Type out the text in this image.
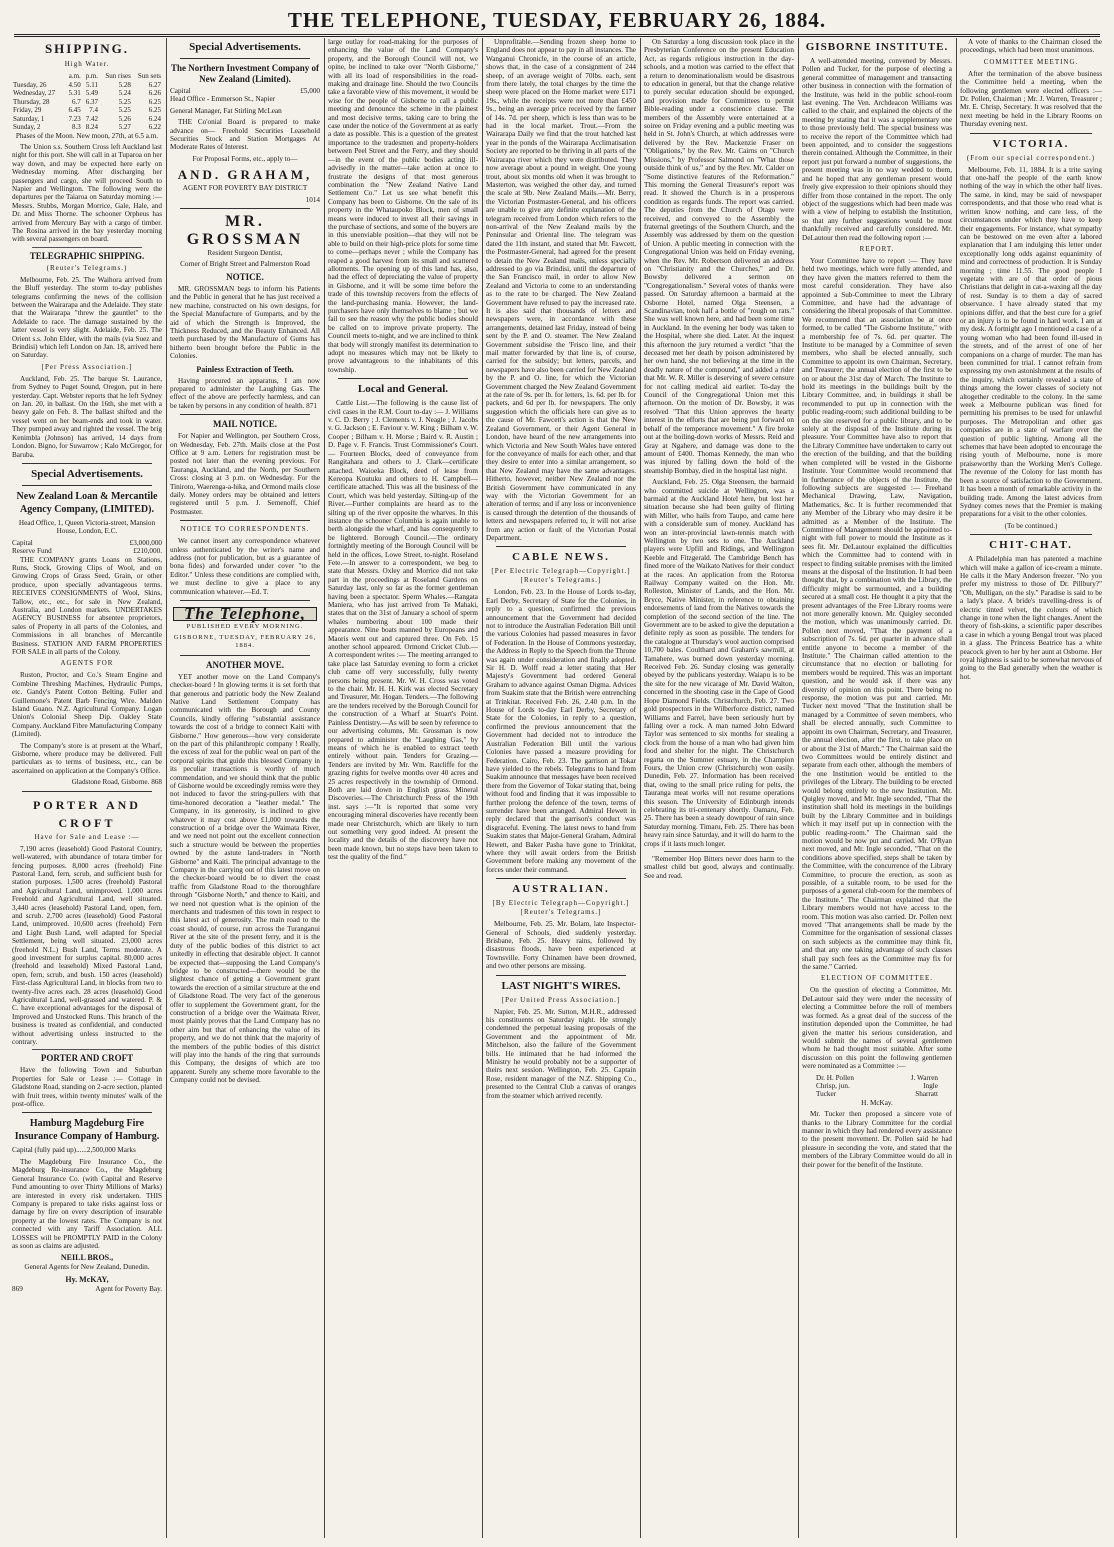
THE TELEPHONE, TUESDAY, FEBRUARY 26, 1884.
SHIPPING.
High Water.
	a.m.	p.m.	Sun rises	Sun sets
Tuesday, 26	4.50	5.11	5.28	6.27
Wednesday, 27	5.31	5.49	5.24	6.26
Thursday, 28	6.7	6.37	5.25	6.25
Friday, 29	6.45	7.4	5.25	6.25
Saturday, 1	7.23	7.42	5.26	6.24
Sunday, 2	8.3	8.24	5.27	6.22

Phases of the Moon. New moon, 27th, at 6.5 a.m.

The Union s.s. Southern Cross left Auckland last night for this port. She will call in at Tuparoa on her way down, and may be expected here early on Wednesday morning. After discharging her passengers and cargo, she will proceed South to Napier and Wellington. The following were the departures per the Taiaroa on Saturday morning :— Messrs. Stubbs, Morgan Morrice, Gale, Hale, and Dr. and Miss Thorne. The schooner Orpheus has arrived from Mercury Bay with a cargo of timber. The Rosina arrived in the bay yesterday morning with several passengers on board.

TELEGRAPHIC SHIPPING.
(Reuter's Telegrams.)

Melbourne, Feb. 25. The Waihora arrived from the Bluff yesterday. The storm to-day publishes telegrams confirming the news of the collision between the Wairarapa and the Adelaide. They state that the Wairarapa "threw the gauntlet" to the Adelaide to race. The damage sustained by the latter vessel is very slight. Adelaide, Feb. 25. The Orient s.s. John Elder, with the mails (via Suez and Brindisi) which left London on Jan. 18, arrived here on Saturday.

[Per Press Association.]

Auckland, Feb. 25. The barque St. Laurance, from Sydney to Puget Sound, Oregon, put in here yesterday. Capt. Webster reports that he left Sydney on Jan. 20, in ballast. On the 16th, she met with a heavy gale on Feb. 8. The ballast shifted and the vessel went on her beam-ends and took in water. They pumped away and righted the vessel. The brig Kenimbla (Johnson) has arrived, 14 days from London. Bigno, for Suwarrow ; Kalo McGregor, for Baruba.

Special Advertisements.
New Zealand Loan & Mercantile Agency Company, (LIMITED).

Head Office, 1, Queen Victoria-street, Mansion House, London, E.C.

Capital	£3,000,000
Reserve Fund	£210,000.

THE COMPANY grants Loans on Stations, Runs, Stock, Growing Clips of Wool, and on Growing Crops of Grass Seed, Grain, or other produce, upon specially advantageous terms. RECEIVES CONSIGNMENTS of Wool, Skins, Tallow, etc., etc., for sale in New Zealand, Australia, and London markets. UNDERTAKES AGENCY BUSINESS for absentee proprietors, sales of Property in all parts of the Colonies, and Commissions in all branches of Mercantile Business. STATION AND FARM PROPERTIES FOR SALE in all parts of the Colony.

AGENTS FOR

Ruston, Proctor, and Co.'s Steam Engine and Combine Threshing Machines, Hydraulic Pumps, etc. Gandy's Patent Cotton Belting. Fuller and Guillemone's Patent Barb Fencing Wire. Malden Island Guano. N.Z. Agricultural Company. Logan Union's Colonial Sheep Dip. Oakley State Company. Auckland Fibre Manufacturing Company (Limited).

The Company's store is at present at the Wharf, Gisborne, where produce may be delivered. Full particulars as to terms of business, etc., can be ascertained on application at the Company's Office.

Gladstone Road, Gisborne. 868

PORTER AND CROFT
Have for Sale and Lease :—

7,190 acres (leasehold) Good Pastoral Country, well-watered, with abundance of totara timber for fencing purposes. 8,000 acres (freehold) Fine Pastoral Land, fern, scrub, and sufficient bush for station purposes. 1,500 acres (freehold) Pastoral and Agricultural Land, unimproved. 1,000 acres Freehold and Agricultural Land, well situated. 3,440 acres (leasehold) Pastoral Land, open, fern, and scrub. 2,700 acres (leasehold) Good Pastoral Land, unimproved. 10,600 acres (freehold) Fern and Light Bush Land, well adapted for Special Settlement, being well situated. 23,000 acres (freehold N.L.) Bush Land, Terms moderate. A good investment for surplus capital. 80,000 acres (freehold and leasehold) Mixed Pastoral Land, open, fern, scrub, and bush. 150 acres (leasehold) First-class Agricultural Land, in blocks from two to twenty-five acres each. 28 acres (leasehold) Good Agricultural Land, well-grassed and watered. P. & C. have exceptional advantages for the disposal of Improved and Unstocked Runs. This branch of the business is treated as confidential, and conducted without advertising unless instructed to the contrary.

PORTER AND CROFT

Have the following Town and Suburban Properties for Sale or Lease :— Cottage in Gladstone Road, standing on 2-acre section, planted with fruit trees, within twenty minutes' walk of the post-office.

Hamburg Magdeburg Fire Insurance Company of Hamburg.

Capital (fully paid up)......2,500,000 Marks

The Magdeburg Fire Insurance Co., the Magdeburg Re-insurance Co., the Magdeburg General Insurance Co. (with Capital and Reserve Fund amounting to over Thirty Millions of Marks) are interested in every risk undertaken. THIS Company is prepared to take risks against loss or damage by fire on every description of insurable property at the lowest rates. The Company is not connected with any Tariff Association. ALL LOSSES will be PROMPTLY PAID in the Colony as soon as claims are adjusted.

NEILL BROS.,

General Agents for New Zealand, Dunedin.

Hy. McKAY,
869	Agent for Poverty Bay.
Special Advertisements.
The Northern Investment Company of New Zealand (Limited).
Capital	£5,000

Head Office - Emmerson St., Napier

General Manager, Fat Stirling McLean

THE Co'onial Board is prepared to make advance on— Freehold Securities Leasehold Securities Stock and Station Mortgages At Moderate Rates of Interest.

For Proposal Forms, etc., apply to—

AND. GRAHAM,

AGENT FOR POVERTY BAY DISTRICT

1014

MR. GROSSMAN

Resident Surgeon Dentist,

Corner of Bright Street and Palmerston Road

NOTICE.

MR. GROSSMAN begs to inform his Patients and the Public in general that he has just received a new machine, constructed on his own designs, for the Special Manufacture of Gumparts, and by the aid of which the Strength is Improved, the Thickness Reduced, and the Beauty Enhanced. All teeth purchased by the Manufacture of Gums has hitherto been brought before the Public in the Colonies.

Painless Extraction of Teeth.

Having procured an apparatus, I am now prepared to administer the Laughing Gas. The effect of the above are perfectly harmless, and can be taken by persons in any condition of health. 871

MAIL NOTICE.

For Napier and Wellington, per Southern Cross, on Wednesday, Feb. 27th. Mails close at the Post Office at 9 a.m. Letters for registration must be posted not later than the evening previous. For Tauranga, Auckland, and the North, per Southern Cross: closing at 3 p.m. on Wednesday. For the Tiniroto, Waerenga-a-hika, and Ormond mails close daily. Money orders may be obtained and letters registered until 5 p.m. J. Semenoff, Chief Postmaster.

NOTICE TO CORRESPONDENTS.

We cannot insert any correspondence whatever unless authenticated by the writer's name and address (not for publication, but as a guarantee of bona fides) and forwarded under cover "to the Editor." Unless these conditions are complied with, we must decline to give a place to any communication whatever.—Ed. T.

The Telephone,
PUBLISHED EVERY MORNING.
GISBORNE, TUESDAY, FEBRUARY 26, 1884.
ANOTHER MOVE.

YET another move on the Land Company's checker-board ! In glowing terms it is set forth that that generous and patriotic body the New Zealand Native Land Settlement Company has communicated with the Borough and County Councils, kindly offering "substantial assistance towards the cost of a bridge to connect Kaiti with Gisborne." How generous—how very considerate on the part of this philanthropic company ! Really, the excess of zeal for the public weal on part of the corporal spirits that guide this blessed Company in its peculiar transactions is worthy of much commendation, and we should think that the public of Gisborne would be exceedingly remiss were they not induced to favor the string-pullers with that time-honored decoration a "leather medal." The Company, in its generosity, is inclined to give whatever it may cost above £1,000 towards the construction of a bridge over the Waimata River, and we need not point out the excellent connection such a structure would be between the properties owned by the astute land-traders in "North Gisborne" and Kaiti. The principal advantage to the Company in the carrying out of this latest move on the checker-board would be to divert the coast traffic from Gladstone Road to the thoroughfare through "Gisborne North," and thence to Kaiti, and we need not question what is the opinion of the merchants and tradesmen of this town in respect to this latest act of generosity. The main road to the coast should, of course, run across the Turanganui River at the site of the present ferry, and it is the duty of the public bodies of this district to act unitedly in effecting that desirable object. It cannot be expected that—supposing the Land Company's bridge to be constructed—there would be the slightest chance of getting a Government grant towards the erection of a similar structure at the end of Gladstone Road. The very fact of the generous offer to supplement the Government grant, for the construction of a bridge over the Waimata River, most plainly proves that the Land Company has no other aim but that of enhancing the value of its property, and we do not think that the majority of the members of the public bodies of this district will play into the hands of the ring that surrounds this Company, the designs of which are too apparent. Surely any scheme more favorable to the Company could not be devised.

large outlay for road-making for the purposes of enhancing the value of the Land Company's property, and the Borough Council will not, we opine, be inclined to take over "North Gisborne," with all its load of responsibilities in the road-making and drainage line. Should the two Councils take a favorable view of this movement, it would be wise for the people of Gisborne to call a public meeting and denounce the scheme in the plainest and most decisive terms, taking care to bring the case under the notice of the Government at as early a date as possible. This is a question of the greatest importance to the tradesmen and property-holders between Peel Street and the Ferry, and they should—in the event of the public bodies acting ill-advisedly in the matter—take action at once to frustrate the designs of that most generous combination the "New Zealand Native Land Settlement Co." Let us see what benefit this Company has been to Gisborne. On the sale of its property in the Whataupoko Block, men of small means were induced to invest all their savings in the purchase of sections, and some of the buyers are in this unenviable position—that they will not be able to build on their high-price plots for some time to come—perhaps never ; while the Company has reaped a good harvest from its small and scattered allotments. The opening up of this land has, also, had the effect of depreciating the value of property in Gisborne, and it will be some time before the trade of this township recovers from the effects of the land-purchasing mania. However, the land-purchasers have only themselves to blame ; but we fail to see the reason why the public bodies should be called on to improve private property. The Council meets to-night, and we are inclined to think that body will strongly manifest its determination to adopt no measures which may not be likely to prove advantageous to the inhabitants of this township.

Local and General.

Cattle List.—The following is the cause list of civil cases in the R.M. Court to-day :— J. Williams v. C. D. Berry ; J. Clements v. J. Neagle ; J. Jacobs v. G. Jackson ; E. Faviour v. W. King ; Bilham v. W. Cooper ; Bilham v. H. Morse ; Baird v. R. Austin ; D. Page v. F. Francis. Trust Commissioner's Court. — Fourteen Blocks, deed of conveyance from Rangitahara and others to J. Clark—certificate attached. Waioeka Block, deed of lease from Kereopa Koutuku and others to H. Campbell—certificate attached. This was all the business of the Court, which was held yesterday. Silting-up of the River.—Further complaints are heard as to the silting up of the river opposite the wharves. In this instance the schooner Columbia is again unable to berth alongside the wharf, and has consequently to be lightered. Borough Council.—The ordinary fortnightly meeting of the Borough Council will be held in the offices, Lowe Street, to-night. Roseland Fete.—In answer to a correspondent, we beg to state that Messrs. Oxley and Morrice did not take part in the proceedings at Roseland Gardens on Saturday last, only so far as the former gentleman having been a spectator. Sperm Whales.—Rangata Maniera, who has just arrived from Te Mahaki, states that on the 31st of January a school of sperm whales numbering about 100 made their appearance. Nine boats manned by Europeans and Maoris went out and captured three. On Feb. 15 another school appeared. Ormond Cricket Club.—A correspondent writes :— The meeting arranged to take place last Saturday evening to form a cricket club came off very successfully, fully twenty persons being present. Mr. W. H. Cross was voted to the chair. Mr. H. H. Kirk was elected Secretary and Treasurer, Mr. Hogan. Tenders.—The following are the tenders received by the Borough Council for the construction of a Wharf at Stuart's Point. Painless Dentistry.—As will be seen by reference to our advertising columns, Mr. Grossman is now prepared to administer the "Laughing Gas," by means of which he is enabled to extract teeth entirely without pain. Tenders for Grazing.—Tenders are invited by Mr. Wm. Ratcliffe for the grazing rights for twelve months over 40 acres and 25 acres respectively in the township of Ormond. Both are laid down in English grass. Mineral Discoveries.—The Christchurch Press of the 19th inst. says :—"It is reported that some very encouraging mineral discoveries have recently been made near Christchurch, which are likely to turn out something very good indeed. At present the locality and the details of the discovery have not been made known, but no steps have been taken to test the quality of the find."

Unprofitable.—Sending frozen sheep home to England does not appear to pay in all instances. The Wanganui Chronicle, in the course of an article, shows that, in the case of a consignment of 244 sheep, of an average weight of 70lbs. each, sent from there lately, the total charges by the time the sheep were placed on the Home market were £171 19s., while the receipts were not more than £450 9s., being an average price received by the farmer of 14s. 7d. per sheep, which is less than was to be had in the local market. Trout.—From the Wairarapa Daily we find that the trout hatched last year in the ponds of the Wairarapa Acclimatisation Society are reported to be thriving in all parts of the Wairarapa river which they were distributed. They now average about a pound in weight. One young trout, about six months old when it was brought to Masterton, was weighed the other day, and turned the scale at 9lb. New Zealand Mails.—Mr. Berry, the Victorian Postmaster-General, and his officers are unable to give any definite explanation of the telegram received from London which refers to the non-arrival of the New Zealand mails by the Peninsular and Oriental line. The telegram was dated the 11th instant, and stated that Mr. Fawcett, the Postmaster-General, had agreed for the present to detain the New Zealand mails, unless specially addressed to go via Brindisi, until the departure of the San Francisco mail, in order to allow New Zealand and Victoria to come to an understanding as to the rate to be charged. The New Zealand Government have refused to pay the increased rate. It is also said that thousands of letters and newspapers were, in accordance with these arrangements, detained last Friday, instead of being sent by the P. and O. steamer. The New Zealand Government subsidise the 'Frisco line, and their mail matter forwarded by that line is, of course, carried for the subsidy; but letters, parcels, and newspapers have also been carried for New Zealand by the P. and O. line, for which the Victorian Government charged the New Zealand Government at the rate of 9s. per lb. for letters, 1s. 6d. per lb. for packets, and 6d per lb. for newspapers. The only suggestion which the officials here can give as to the cause of Mr. Fawcett's action is that the New Zealand Government, or their Agent General in London, have heard of the new arrangements into which Victoria and New South Wales have entered for the conveyance of mails for each other, and that they desire to enter into a similar arrangement, so that New Zealand may have the same advantages. Hitherto, however, neither New Zealand nor the British Government have communicated in any way with the Victorian Government for an alteration of terms; and if any loss or inconvenience is caused through the detention of the thousands of letters and newspapers referred to, it will not arise from any action or fault of the Victorian Postal Department.

CABLE NEWS.
[Per Electric Telegraph—Copyright.] [Reuter's Telegrams.]

London, Feb. 23. In the House of Lords to-day, Earl Derby, Secretary of State for the Colonies, in reply to a question, confirmed the previous announcement that the Government had decided not to introduce the Australian Federation Bill until the various Colonies had passed measures in favor of Federation. In the House of Commons yesterday, the Address in Reply to the Speech from the Throne was again under consideration and finally adopted. Sir H. D. Wolff read a letter stating that Her Majesty's Government had ordered General Graham to advance against Osman Digma. Advices from Suakim state that the British were entrenching at Trinkitat. Received Feb. 26, 2.40 p.m. In the House of Lords to-day Earl Derby, Secretary of State for the Colonies, in reply to a question, confirmed the previous announcement that the Government had decided not to introduce the Australian Federation Bill until the various Colonies have passed a measure providing for Federation. Cairo, Feb. 23. The garrison at Tokar have yielded to the rebels. Telegrams to hand from Suakim announce that messages have been received there from the Governor of Tokar stating that, being without food and finding that it was impossible to further prolong the defence of the town, terms of surrender have been arranged. Admiral Hewett in reply declared that the garrison's conduct was disgraceful. Evening. The latest news to hand from Suakim states that Major-General Graham, Admiral Hewett, and Baker Pasha have gone to Trinkitat, where they will await orders from the British Government before making any movement of the forces under their command.

AUSTRALIAN.
[By Electric Telegraph—Copyright.] [Reuter's Telegrams.]

Melbourne, Feb. 25. Mr. Bolam, late Inspector-General of Schools, died suddenly yesterday. Brisbane, Feb. 25. Heavy rains, followed by disastrous floods, have been experienced at Townsville. Forty Chinamen have been drowned, and two other persons are missing.

LAST NIGHT'S WIRES.
[Per United Press Association.]

Napier, Feb. 25. Mr. Sutton, M.H.R., addressed his constituents on Saturday night. He strongly condemned the perpetual leasing proposals of the Government and the appointment of Mr. Mitchelson, also the failure of the Government bills. He intimated that he had informed the Ministry he would probably not be a supporter of theirs next session. Wellington, Feb. 25. Captain Rose, resident manager of the N.Z. Shipping Co., presented to the Central Club a canvas of oranges from the steamer which arrived recently.

On Saturday a long discussion took place in the Presbyterian Conference on the present Education Act, as regards religious instruction in the day-schools, and a motion was carried to the effect that a return to denominationalism would be disastrous to education in general, but that the change relative to purely secular education should be expunged, and provision made for Committees to permit Bible-reading under a conscience clause. The members of the Assembly were entertained at a soiree on Friday evening and a public meeting was held in St. John's Church, at which addresses were delivered by the Rev. Mackenzie Fraser on "Obligations," by the Rev. Mr. Cairns on "Church Missions," by Professor Salmond on "What those outside think of us," and by the Rev. Mr. Calder on "Some distinctive features of the Reformation." This morning the General Treasurer's report was read. It showed the Church is in a prosperous condition as regards funds. The report was carried. The deputies from the Church of Otago were received, and conveyed to the Assembly the fraternal greetings of the Southern Church, and the Assembly was addressed by them on the question of Union. A public meeting in connection with the Congregational Union was held on Friday evening, when the Rev. Mr. Robertson delivered an address on "Christianity and the Churches," and Dr. Bowsby delivered a sermon on "Congregationalism." Several votes of thanks were passed. On Saturday afternoon a barmaid at the Osborne Hotel, named Olga Steensen, a Scandinavian, took half a bottle of "rough on rats." She was well known here, and had been some time in Auckland. In the evening her body was taken to the Hospital, where she died. Later. At the inquest this afternoon the jury returned a verdict "that the deceased met her death by poison administered by her own hand, she not believing at the time in the deadly nature of the compound," and added a rider that Mr. W. R. Miller is deserving of severe censure for not calling medical aid earlier. To-day the Council of the Congregational Union met this afternoon. On the motion of Dr. Bowsby, it was resolved "That this Union approves the hearty interest in the efforts that are being put forward on behalf of the temperance movement." A fire broke out at the boiling-down works of Messrs. Reid and Gray at Ngahere, and damage was done to the amount of £400. Thomas Kennedy, the man who was injured by falling down the hold of the steamship Bombay, died in the hospital last night.

Auckland, Feb. 25. Olga Steensen, the barmaid who committed suicide at Wellington, was a barmaid at the Auckland Hotel here, but lost her situation because she had been guilty of flirting with Miller, who hails from Taupo, and came here with a considerable sum of money. Auckland has won an inter-provincial lawn-tennis match with Wellington by two sets to one. The Auckland players were Upfill and Ridings, and Wellington Keeble and Fitzgerald. The Cambridge Bench has fined more of the Waikato Natives for their conduct at the races. An application from the Rotorua Railway Company waited on the Hon. Mr. Rolleston, Minister of Lands, and the Hon. Mr. Bryce, Native Minister, in reference to obtaining endorsements of land from the Natives towards the completion of the second section of the line. The Government are to be asked to give the deputation a definite reply as soon as possible. The tenders for the catalogue at Thursday's wool auction comprised 10,700 bales. Coulthard and Graham's sawmill, at Tamahere, was burned down yesterday morning. Received Feb. 26. Sunday closing was generally obeyed by the publicans yesterday. Waiapu is to be the site for the new vicarage of Mr. David Walton, concerned in the shooting case in the Cape of Good Hope Diamond Fields. Christchurch, Feb. 27. Two gold prospectors in the Wilberforce district, named Williams and Farrel, have been seriously hurt by falling over a rock. A man named John Edward Taylor was sentenced to six months for stealing a clock from the house of a man who had given him food and shelter for the night. The Christchurch regatta on the Summer estuary, in the Champion Fours, the Union crew (Christchurch) won easily. Dunedin, Feb. 27. Information has been received that, owing to the small price ruling for pelts, the Tauranga meat works will not resume operations this season. The University of Edinburgh intends celebrating its tri-centenary shortly. Oamaru, Feb. 25. There has been a steady downpour of rain since Saturday morning. Timaru, Feb. 25. There has been heavy rain since Saturday, and it will do harm to the crops if it lasts much longer.

"Remember Hop Bitters never does harm to the smallest child but good, always and continually. See and read.

GISBORNE INSTITUTE.

A well-attended meeting, convened by Messrs. Pollen and Tucker, for the purpose of electing a general committee of management and transacting other business in connection with the formation of the Institute, was held in the public school-room last evening. The Ven. Archdeacon Williams was called to the chair, and explained the objects of the meeting by stating that it was a supplementary one to those previously held. The special business was to receive the report of the Committee which had been appointed, and to consider the suggestions therein contained. Although the Committee, in their report just put forward a number of suggestions, the present meeting was in no way wedded to them, and he hoped that any gentleman present would freely give expression to their opinions should they differ from those contained in the report. The only object of the suggestions which had been made was with a view of helping to establish the Institution, so that any further suggestions would be most thankfully received and carefully considered. Mr. DeLautour then read the following report :—

REPORT.

Your Committee have to report :— They have held two meetings, which were fully attended, and they have given the matters referred to them the most careful consideration. They have also appointed a Sub-Committee to meet the Library Committee, and have had the advantage of considering the liberal proposals of that Committee. We recommend that an association be at once formed, to be called "The Gisborne Institute," with a membership fee of 7s. 6d. per quarter. The Institute to be managed by a Committee of seven members, who shall be elected annually, such Committee to appoint its own Chairman, Secretary, and Treasurer; the annual election of the first to be on or about the 31st day of March. The Institute to hold its meetings in the buildings built by the Library Committee, and, in buildings it shall be recommended to put up in connection with the public reading-room; such additional building to be on the site reserved for a public library, and to be solely at the disposal of the Institute during its pleasure. Your Committee have also to report that the Library Committee have undertaken to carry out the erection of the building, and that the building when completed will be vested in the Gisborne Institute. Your Committee would recommend that in furtherance of the objects of the Institute, the following subjects are suggested :— Freehand Mechanical Drawing, Law, Navigation, Mathematics, &c. It is further recommended that any Member of the Library who may desire it be admitted as a Member of the Institute. The Committee of Management should be appointed to-night with full power to mould the Institute as it sees fit. Mr. DeLautour explained the difficulties which the Committee had to contend with in respect to finding suitable premises with the limited means at the disposal of the Institution. It had been thought that, by a combination with the Library, the difficulty might be surmounted, and a building secured at a small cost. He thought it a pity that the present advantages of the Free Library rooms were not more generally known. Mr. Quigley seconded the motion, which was unanimously carried. Dr. Pollen next moved, "That the payment of a subscription of 7s. 6d. per quarter in advance shall entitle anyone to become a member of the Institute." The Chairman called attention to the circumstance that no election or balloting for members would be required. This was an important question, and he would ask if there was any diversity of opinion on this point. There being no response, the motion was put and carried. Mr. Tucker next moved "That the Institution shall be managed by a Committee of seven members, who shall be elected annually, such Committee to appoint its own Chairman, Secretary, and Treasurer, the annual election, after the first, to take place on or about the 31st of March." The Chairman said the two Committees would be entirely distinct and separate from each other, although the members of the one Institution would be entitled to the privileges of the Library. The building to be erected would belong entirely to the new Institution. Mr. Quigley moved, and Mr. Ingle seconded, "That the institution shall hold its meetings in the buildings built by the Library Committee and in buildings which it may itself put up in connection with the public reading-room." The Chairman said the motion would be now put and carried. Mr. O'Ryan next moved, and Mr. Ingle seconded, "That on the conditions above specified, steps shall be taken by the Committee, with the concurrence of the Library Committee, to procure the erection, as soon as possible, of a suitable room, to be used for the purposes of a general club-room for the members of the Institute." The Chairman explained that the Library members would not have access to the room. This motion was also carried. Dr. Pollen next moved "That arrangements shall be made by the Committee for the organisation of sessional classes on such subjects as the committee may think fit, and that any one taking advantage of such classes shall pay such fees as the Committee may fix for the same." Carried.

ELECTION OF COMMITTEE.

On the question of electing a Committee, Mr. DeLautour said they were under the necessity of electing a Committee before the roll of members was formed. As a great deal of the success of the institution depended upon the Committee, he had given the matter his serious consideration, and would submit the names of several gentlemen whom he had thought most suitable. After some discussion on this point the following gentlemen were nominated as a Committee :—

Dr. H. Pollen	J. Warren
Chrisp, jun.	Ingle
Tucker	Sharratt

H. McKay.

Mr. Tucker then proposed a sincere vote of thanks to the Library Committee for the cordial manner in which they had rendered every assistance to the present movement. Dr. Pollen said he had pleasure in seconding the vote, and stated that the members of the Library Committee would do all in their power for the benefit of the Institute.

A vote of thanks to the Chairman closed the proceedings, which had been most unanimous.

COMMITTEE MEETING.

After the termination of the above business the Committee held a meeting, when the following gentlemen were elected officers :— Dr. Pollen, Chairman ; Mr. J. Warren, Treasurer ; Mr. E. Chrisp, Secretary. It was resolved that the next meeting be held in the Library Rooms on Thursday evening next.

VICTORIA.
(From our special correspondent.)

Melbourne, Feb. 11, 1884. It is a trite saying that one-half the people of the earth know nothing of the way in which the other half lives. The same, in kind, may be said of newspaper correspondents, and that those who read what is written know nothing, and care less, of the circumstances under which they have to keep their engagements. For instance, what sympathy can be bestowed on me even after a labored explanation that I am indulging this letter under exceptionally long odds against equanimity of mind and correctness of production. It is Sunday morning ; time 11.55. The good people I vegetate with are of that order of pious Christians that delight in cat-a-waxing all the day of rest. Sunday is to them a day of sacred observance. I have already stated that my opinions differ, and that the best cure for a grief or an injury is to be found in hard work. I am at my desk. A fortnight ago I mentioned a case of a young woman who had been found ill-used in the streets, and of the arrest of one of her companions on a charge of murder. The man has been committed for trial. I cannot refrain from expressing my own astonishment at the results of the inquiry, which certainly revealed a state of things among the lower classes of society not altogether creditable to the colony. In the same week a Melbourne publican was fined for permitting his premises to be used for unlawful purposes. The Metropolitan and other gas companies are in a state of warfare over the question of public lighting. Among all the schemes that have been adopted to encourage the rising youth of Melbourne, none is more praiseworthy than the Working Men's College. The revenue of the Colony for last month has been a source of satisfaction to the Government. It has been a month of remarkable activity in the building trade. Among the latest advices from Sydney comes news that the Premier is making preparations for a visit to the other colonies.

(To be continued.)

CHIT-CHAT.

A Philadelphia man has patented a machine which will make a gallon of ice-cream a minute. He calls it the Mary Anderson freezer. "No you prefer my mistress to those of Dr. Pillbury?" "Oh, Mulligan, on the sly." Paradise is said to be a lady's place. A bride's travelling-dress is of electric tinted velvet, the colours of which change in tone when the light changes. Anent the theory of fish-skins, a scientific paper describes a case in which a young Bengal trout was placed in a glass. The Princess Beatrice has a white peacock given to her by her aunt at Osborne. Her royal highness is said to be somewhat nervous of going to the Bad generally when the weather is hot.
